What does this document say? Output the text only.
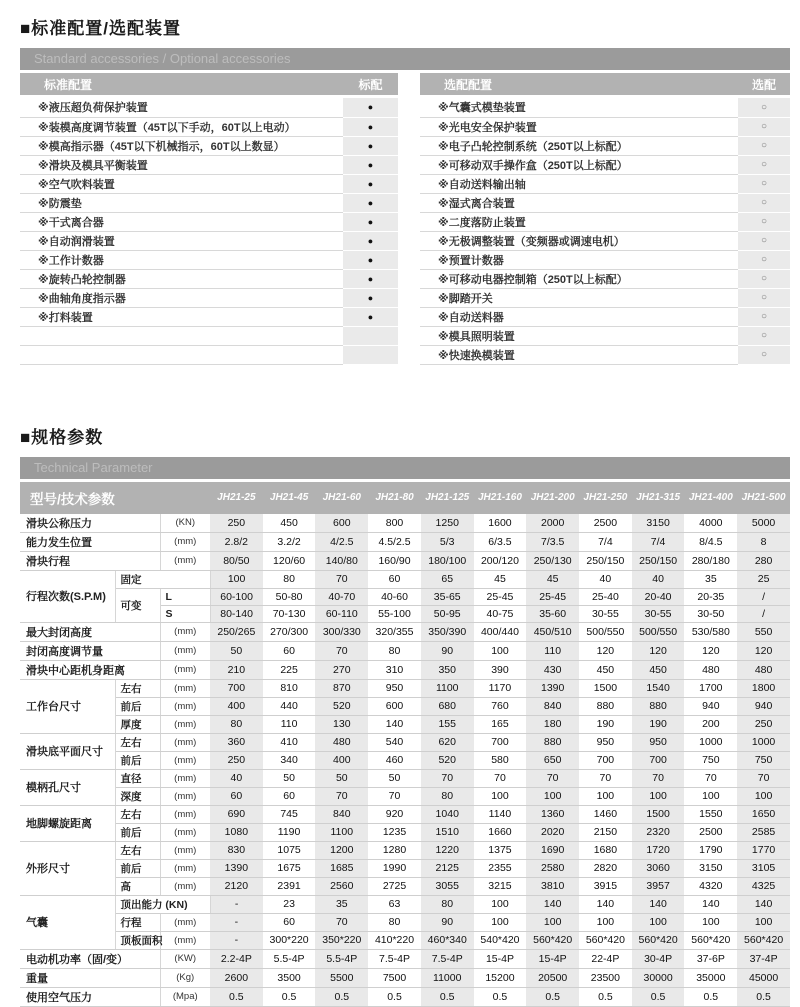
■标准配置/选配装置
Standard accessories / Optional accessories
标准配置	标配

※液压超负荷保护装置	●
※装模高度调节装置（45T以下手动，60T以上电动）	●
※模高指示器（45T以下机械指示，60T以上数显）	●
※滑块及模具平衡装置	●
※空气吹料装置	●
※防震垫	●
※干式离合器	●
※自动润滑装置	●
※工作计数器	●
※旋转凸轮控制器	●
※曲轴角度指示器	●
※打料装置	●

选配配置	选配

※气囊式模垫装置	○
※光电安全保护装置	○
※电子凸轮控制系统（250T以上标配）	○
※可移动双手操作盒（250T以上标配）	○
※自动送料输出轴	○
※湿式离合装置	○
※二度落防止装置	○
※无极调整装置（变频器或调速电机）	○
※预置计数器	○
※可移动电器控制箱（250T以上标配）	○
※脚踏开关	○
※自动送料器	○
※模具照明装置	○
※快速换模装置	○
■规格参数
Technical Parameter
型号/技术参数			JH21-25	JH21-45	JH21-60	JH21-80	JH21-125	JH21-160	JH21-200	JH21-250	JH21-315	JH21-400	JH21-500
滑块公称压力		(KN)	250	450	600	800	1250	1600	2000	2500	3150	4000	5000
能力发生位置		(mm)	2.8/2	3.2/2	4/2.5	4.5/2.5	5/3	6/3.5	7/3.5	7/4	7/4	8/4.5	8
滑块行程		(mm)	80/50	120/60	140/80	160/90	180/100	200/120	250/130	250/150	250/150	280/180	280
行程次数(S.P.M)	固定		100	80	70	60	65	45	45	40	40	35	25
	可变	L	60-100	50-80	40-70	40-60	35-65	25-45	25-45	25-40	20-40	20-35	/
		S	80-140	70-130	60-110	55-100	50-95	40-75	35-60	30-55	30-55	30-50	/
最大封闭高度		(mm)	250/265	270/300	300/330	320/355	350/390	400/440	450/510	500/550	500/550	530/580	550
封闭高度调节量		(mm)	50	60	70	80	90	100	110	120	120	120	120
滑块中心距机身距离		(mm)	210	225	270	310	350	390	430	450	450	480	480
工作台尺寸	左右	(mm)	700	810	870	950	1100	1170	1390	1500	1540	1700	1800
	前后	(mm)	400	440	520	600	680	760	840	880	880	940	940
	厚度	(mm)	80	110	130	140	155	165	180	190	190	200	250
滑块底平面尺寸	左右	(mm)	360	410	480	540	620	700	880	950	950	1000	1000
	前后	(mm)	250	340	400	460	520	580	650	700	700	750	750
模柄孔尺寸	直径	(mm)	40	50	50	50	70	70	70	70	70	70	70
	深度	(mm)	60	60	70	70	80	100	100	100	100	100	100
地脚螺旋距离	左右	(mm)	690	745	840	920	1040	1140	1360	1460	1500	1550	1650
	前后	(mm)	1080	1190	1100	1235	1510	1660	2020	2150	2320	2500	2585
外形尺寸	左右	(mm)	830	1075	1200	1280	1220	1375	1690	1680	1720	1790	1770
	前后	(mm)	1390	1675	1685	1990	2125	2355	2580	2820	3060	3150	3105
	高	(mm)	2120	2391	2560	2725	3055	3215	3810	3915	3957	4320	4325
气囊	顶出能力 (KN)		-	23	35	63	80	100	140	140	140	140	140
	行程	(mm)	-	60	70	80	90	100	100	100	100	100	100
	顶板面积	(mm)	-	300*220	350*220	410*220	460*340	540*420	560*420	560*420	560*420	560*420	560*420
电动机功率（固/变）		(KW)	2.2-4P	5.5-4P	5.5-4P	7.5-4P	7.5-4P	15-4P	15-4P	22-4P	30-4P	37-6P	37-4P
重量		(Kg)	2600	3500	5500	7500	11000	15200	20500	23500	30000	35000	45000
使用空气压力		(Mpa)	0.5	0.5	0.5	0.5	0.5	0.5	0.5	0.5	0.5	0.5	0.5
